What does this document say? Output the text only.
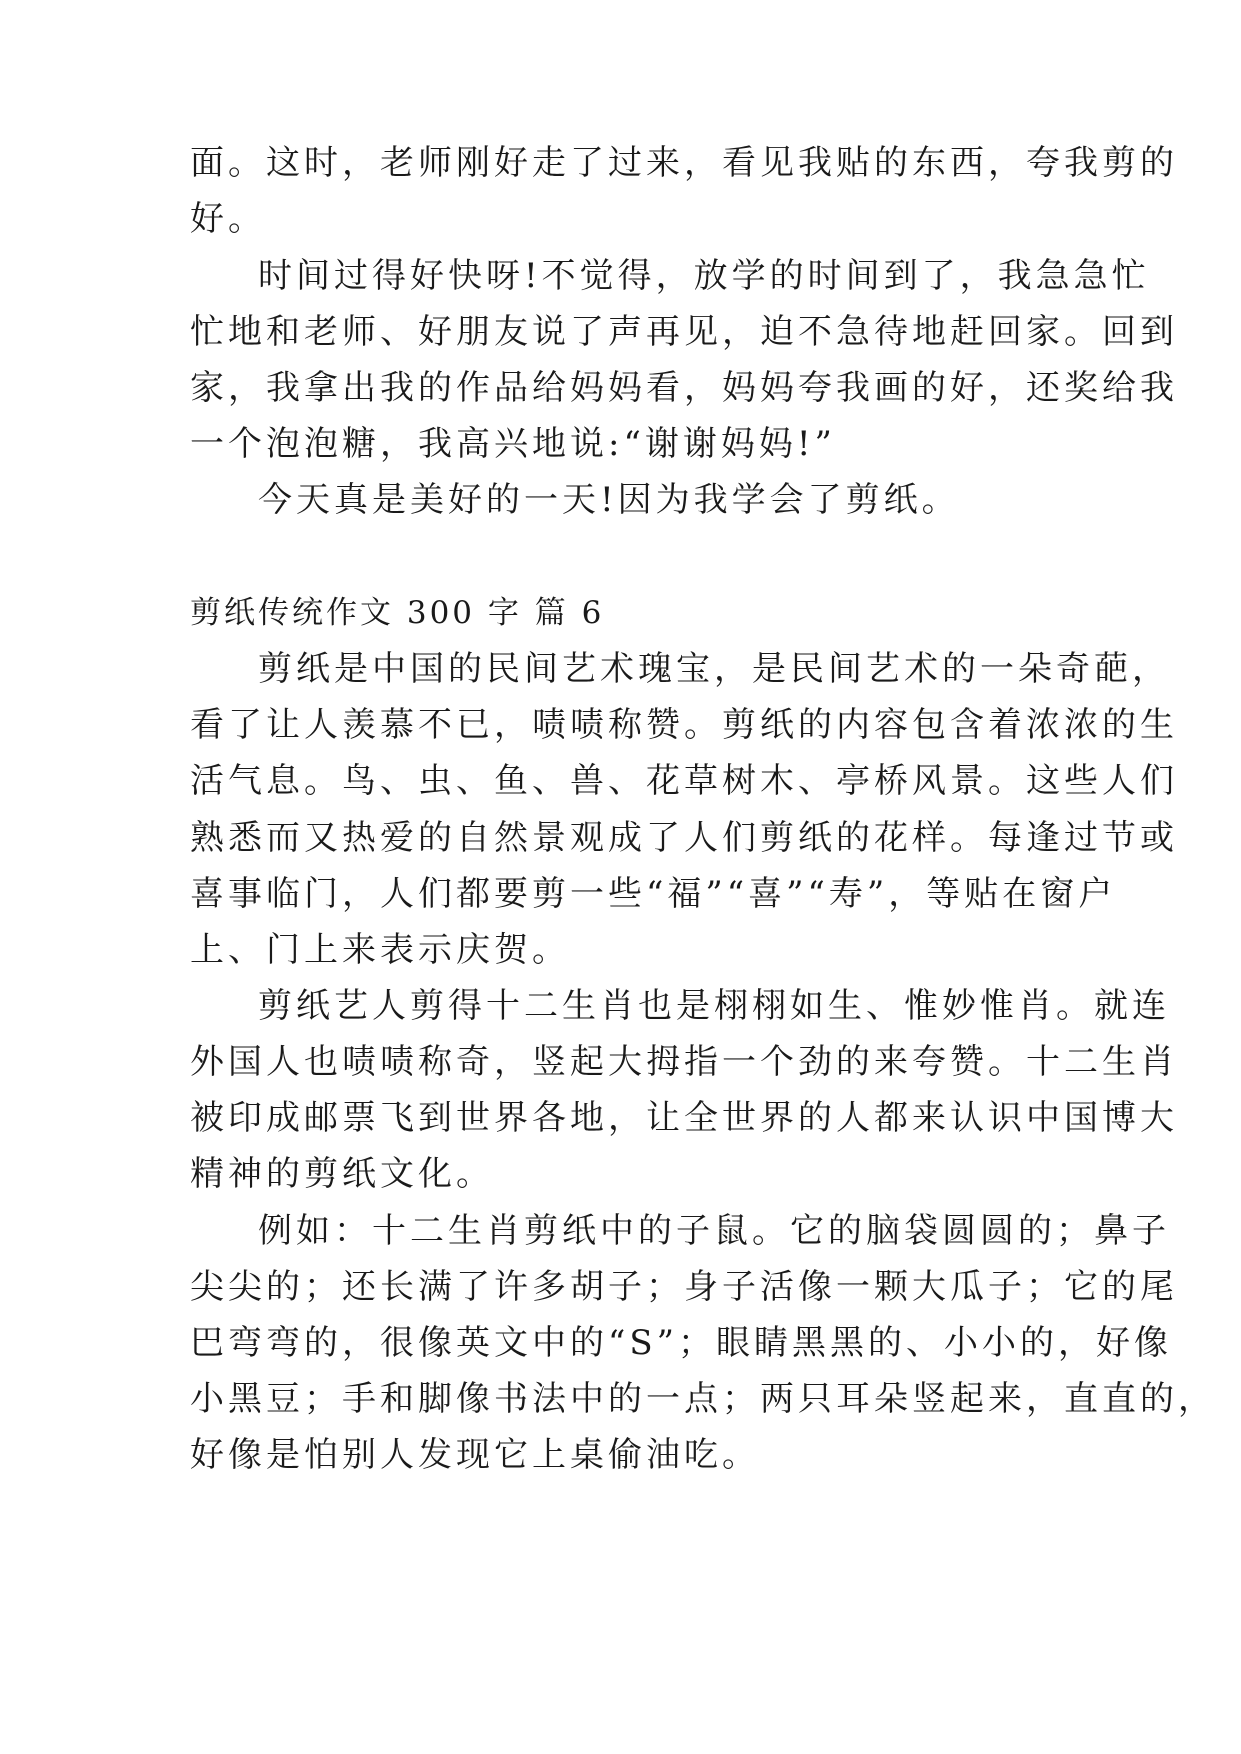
面。这时，老师刚好走了过来，看见我贴的东西，夸我剪的
好。
时间过得好快呀!不觉得，放学的时间到了，我急急忙
忙地和老师、好朋友说了声再见，迫不急待地赶回家。回到
家，我拿出我的作品给妈妈看，妈妈夸我画的好，还奖给我
一个泡泡糖，我高兴地说:“谢谢妈妈!”
今天真是美好的一天!因为我学会了剪纸。
剪纸传统作文 300 字 篇 6
剪纸是中国的民间艺术瑰宝，是民间艺术的一朵奇葩，
看了让人羡慕不已，啧啧称赞。剪纸的内容包含着浓浓的生
活气息。鸟、虫、鱼、兽、花草树木、亭桥风景。这些人们
熟悉而又热爱的自然景观成了人们剪纸的花样。每逢过节或
喜事临门，人们都要剪一些“福”“喜”“寿”，等贴在窗户
上、门上来表示庆贺。
剪纸艺人剪得十二生肖也是栩栩如生、惟妙惟肖。就连
外国人也啧啧称奇，竖起大拇指一个劲的来夸赞。十二生肖
被印成邮票飞到世界各地，让全世界的人都来认识中国博大
精神的剪纸文化。
例如：十二生肖剪纸中的子鼠。它的脑袋圆圆的；鼻子
尖尖的；还长满了许多胡子；身子活像一颗大瓜子；它的尾
巴弯弯的，很像英文中的“S”；眼睛黑黑的、小小的，好像
小黑豆；手和脚像书法中的一点；两只耳朵竖起来，直直的，
好像是怕别人发现它上桌偷油吃。
